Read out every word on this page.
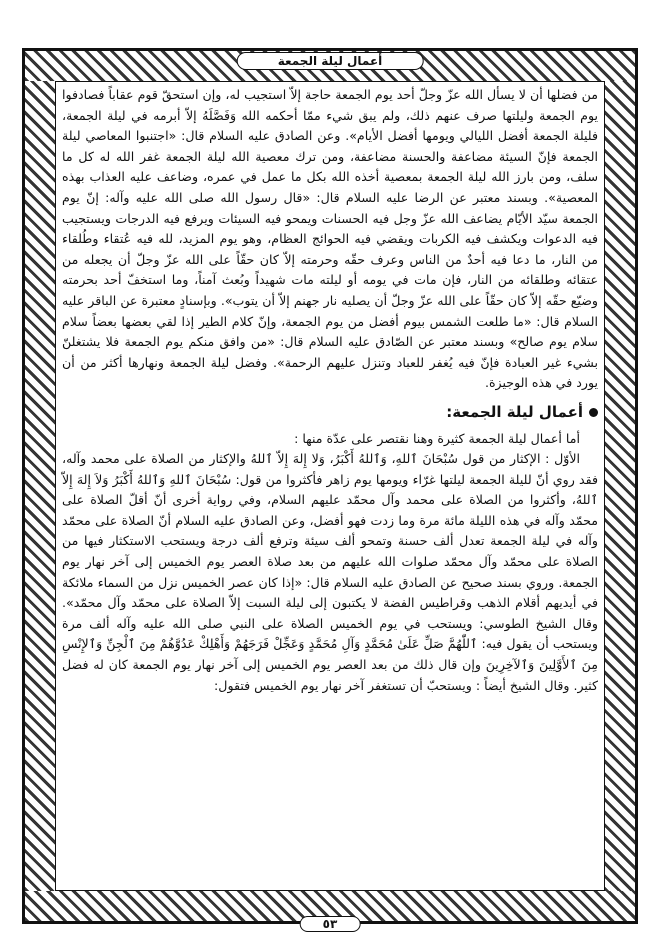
أعمال ليلة الجمعة

من فضلها أن لا يسأل الله عزّ وجلّ أحد يوم الجمعة حاجة إلاّ استجيب له، وإن استحقّ قوم عقاباً فصادفوا يوم الجمعة وليلتها صرف عنهم ذلك، ولم يبق شيء ممّا أحكمه الله وَفَصَّلَهُ إلاّ أبرمه في ليلة الجمعة، فليلة الجمعة أفضل الليالي ويومها أفضل الأيام». وعن الصادق عليه السلام قال: «اجتنبوا المعاصي ليلة الجمعة فإنّ السيئة مضاعفة والحسنة مضاعفة، ومن ترك معصية الله ليلة الجمعة غفر الله له كل ما سلف، ومن بارز الله ليلة الجمعة بمعصية أخذه الله بكل ما عمل في عمره، وضاعف عليه العذاب بهذه المعصية». وبسند معتبر عن الرضا عليه السلام قال: «قال رسول الله صلى الله عليه وآله: إنّ يوم الجمعة سيّد الأيّام يضاعف الله عزّ وجل فيه الحسنات ويمحو فيه السيئات ويرفع فيه الدرجات ويستجيب فيه الدعوات ويكشف فيه الكربات ويقضي فيه الحوائج العظام، وهو يوم المزيد، لله فيه عُتقاء وطُلقاء من النار، ما دعا فيه أحدٌ من الناس وعرف حقّه وحرمته إلاّ كان حقّاً على الله عزّ وجلّ أن يجعله من عتقائه وطلقائه من النار، فإن مات في يومه أو ليلته مات شهيداً وبُعث آمناً، وما استخفّ أحد بحرمته وضيّع حقّه إلاّ كان حقّاً على الله عزّ وجلّ أن يصليه نار جهنم إلاّ أن يتوب». وبإسنادٍ معتبرة عن الباقر عليه السلام قال: «ما طلعت الشمس بيوم أفضل من يوم الجمعة، وإنّ كلام الطير إذا لقي بعضها بعضاً سلام سلام يوم صالح» وبسند معتبر عن الصّادق عليه السلام قال: «من وافق منكم يوم الجمعة فلا يشتغلنّ بشيء غير العبادة فإنّ فيه يُغفر للعباد وتنزل عليهم الرحمة». وفضل ليلة الجمعة ونهارها أكثر من أن يورد في هذه الوجيزة.

أعمال ليلة الجمعة:

أما أعمال ليلة الجمعة كثيرة وهنا نقتصر على عدّة منها :

الأوّل : الإكثار من قول سُبْحَانَ ٱللهِ، وَٱللهُ أَكْبَرُ، وَلا إِلهَ إِلاّ ٱللهُ والإكثار من الصلاة على محمد وآله، فقد روي أنّ لليلة الجمعة ليلتها غرّاء ويومها يوم زاهر فأكثروا من قول: سُبْحَانَ ٱللهِ وَٱللهُ أَكْبَرُ وَلاَ إِلهَ إِلاّ ٱللهُ، وأكثروا من الصلاة على محمد وآل محمّد عليهم السلام، وفي رواية أخرى أنّ أقلّ الصلاة على محمّد وآله في هذه الليلة مائة مرة وما زدت فهو أفضل، وعن الصادق عليه السلام أنّ الصلاة على محمّد وآله في ليلة الجمعة تعدل ألف حسنة وتمحو ألف سيئة وترفع ألف درجة ويستحب الاستكثار فيها من الصلاة على محمّد وآل محمّد صلوات الله عليهم من بعد صلاة العصر يوم الخميس إلى آخر نهار يوم الجمعة. وروي بسند صحيح عن الصادق عليه السلام قال: «إذا كان عصر الخميس نزل من السماء ملائكة في أيديهم أقلام الذهب وقراطيس الفضة لا يكتبون إلى ليلة السبت إلاّ الصلاة على محمّد وآل محمّد». وقال الشيخ الطوسي: ويستحب في يوم الخميس الصلاة على النبي صلى الله عليه وآله ألف مرة ويستحب أن يقول فيه: ٱللّٰهُمَّ صَلِّ عَلَىٰ مُحَمَّدٍ وَآلِ مُحَمَّدٍ وَعَجِّلْ فَرَجَهُمْ وَأَهْلِكْ عَدُوَّهُمْ مِنَ ٱلْجِنِّ وَٱلإِنْسِ مِنَ ٱلأَوَّلِينَ وَٱلآخِرِينَ وإن قال ذلك من بعد العصر يوم الخميس إلى آخر نهار يوم الجمعة كان له فضل كثير. وقال الشيخ أيضاً : ويستحبّ أن تستغفر آخر نهار يوم الخميس فتقول:

٥٣
